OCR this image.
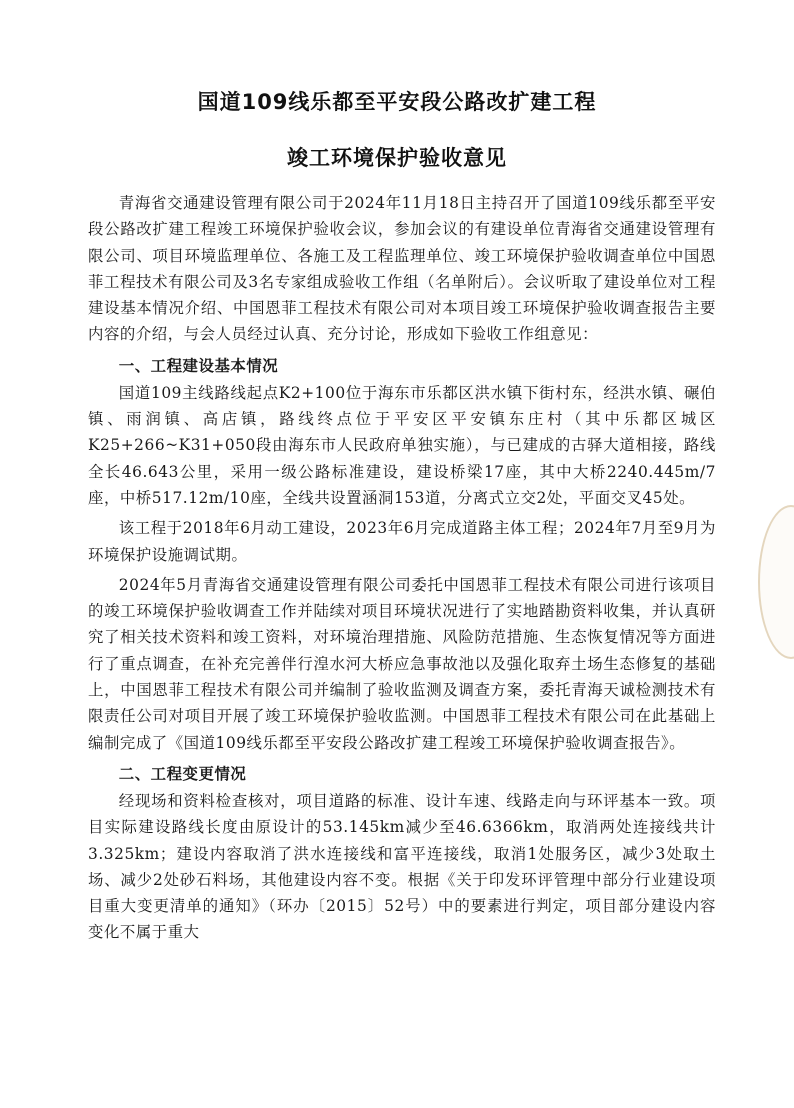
国道109线乐都至平安段公路改扩建工程
竣工环境保护验收意见

青海省交通建设管理有限公司于2024年11月18日主持召开了国道109线乐都至平安段公路改扩建工程竣工环境保护验收会议，参加会议的有建设单位青海省交通建设管理有限公司、项目环境监理单位、各施工及工程监理单位、竣工环境保护验收调查单位中国恩菲工程技术有限公司及3名专家组成验收工作组（名单附后）。会议听取了建设单位对工程建设基本情况介绍、中国恩菲工程技术有限公司对本项目竣工环境保护验收调查报告主要内容的介绍，与会人员经过认真、充分讨论，形成如下验收工作组意见：

一、工程建设基本情况

国道109主线路线起点K2+100位于海东市乐都区洪水镇下街村东，经洪水镇、碾伯镇、雨润镇、高店镇，路线终点位于平安区平安镇东庄村（其中乐都区城区K25+266~K31+050段由海东市人民政府单独实施），与已建成的古驿大道相接，路线全长46.643公里，采用一级公路标准建设，建设桥梁17座，其中大桥2240.445m/7座，中桥517.12m/10座，全线共设置涵洞153道，分离式立交2处，平面交叉45处。

该工程于2018年6月动工建设，2023年6月完成道路主体工程；2024年7月至9月为环境保护设施调试期。

2024年5月青海省交通建设管理有限公司委托中国恩菲工程技术有限公司进行该项目的竣工环境保护验收调查工作并陆续对项目环境状况进行了实地踏勘资料收集，并认真研究了相关技术资料和竣工资料，对环境治理措施、风险防范措施、生态恢复情况等方面进行了重点调查，在补充完善伴行湟水河大桥应急事故池以及强化取弃土场生态修复的基础上，中国恩菲工程技术有限公司并编制了验收监测及调查方案，委托青海天诚检测技术有限责任公司对项目开展了竣工环境保护验收监测。中国恩菲工程技术有限公司在此基础上编制完成了《国道109线乐都至平安段公路改扩建工程竣工环境保护验收调查报告》。

二、工程变更情况

经现场和资料检查核对，项目道路的标准、设计车速、线路走向与环评基本一致。项目实际建设路线长度由原设计的53.145km减少至46.6366km，取消两处连接线共计3.325km；建设内容取消了洪水连接线和富平连接线，取消1处服务区，减少3处取土场、减少2处砂石料场，其他建设内容不变。根据《关于印发环评管理中部分行业建设项目重大变更清单的通知》（环办〔2015〕52号）中的要素进行判定，项目部分建设内容变化不属于重大
